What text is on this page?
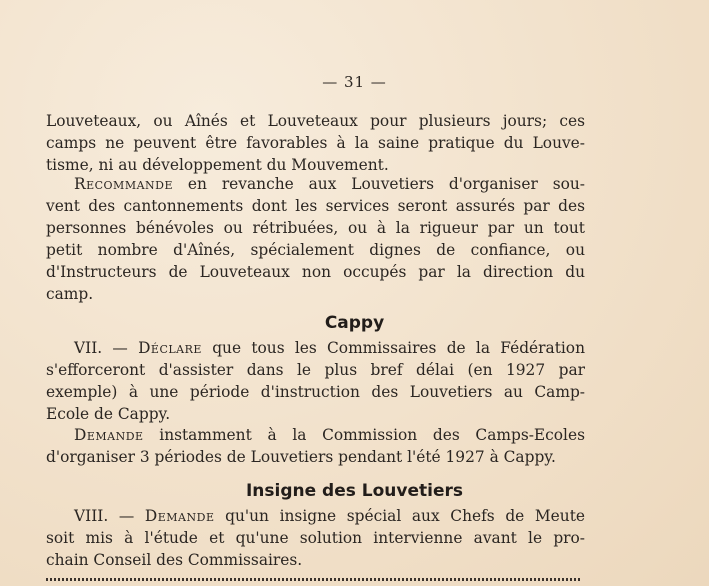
— 31 —
Louveteaux, ou Aînés et Louveteaux pour plusieurs jours; ces
camps ne peuvent être favorables à la saine pratique du Louve-
tisme, ni au développement du Mouvement.
Recommande en revanche aux Louvetiers d'organiser sou-
vent des cantonnements dont les services seront assurés par des
personnes bénévoles ou rétribuées, ou à la rigueur par un tout
petit nombre d'Aînés, spécialement dignes de confiance, ou
d'Instructeurs de Louveteaux non occupés par la direction du
camp.
Cappy
VII. — Déclare que tous les Commissaires de la Fédération
s'efforceront d'assister dans le plus bref délai (en 1927 par
exemple) à une période d'instruction des Louvetiers au Camp-
Ecole de Cappy.
Demande instamment à la Commission des Camps-Ecoles
d'organiser 3 périodes de Louvetiers pendant l'été 1927 à Cappy.
Insigne des Louvetiers
VIII. — Demande qu'un insigne spécial aux Chefs de Meute
soit mis à l'étude et qu'une solution intervienne avant le pro-
chain Conseil des Commissaires.
